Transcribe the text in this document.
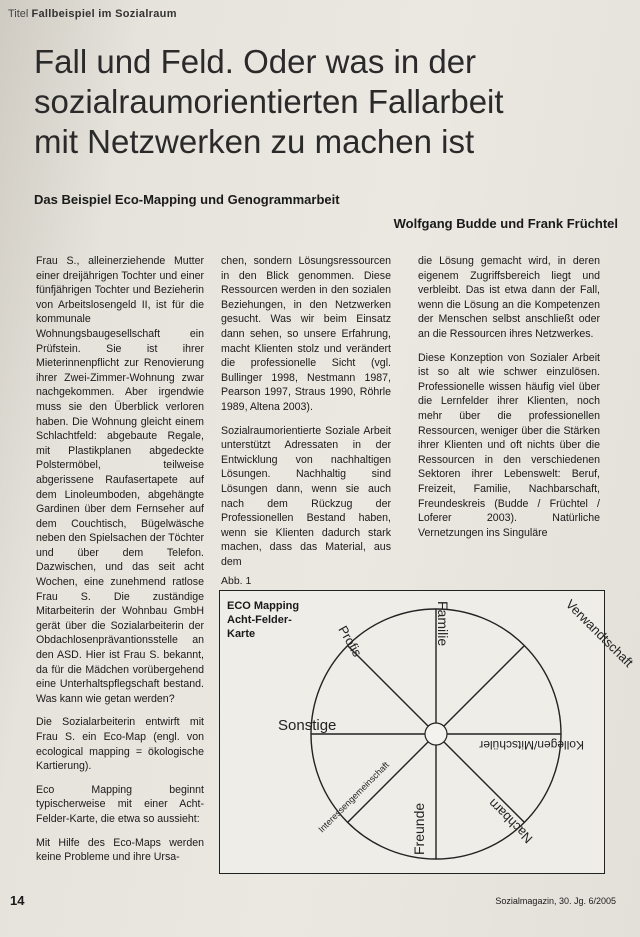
Titel Fallbeispiel im Sozialraum
Fall und Feld. Oder was in der
sozialraumorientierten Fallarbeit
mit Netzwerken zu machen ist
Das Beispiel Eco-Mapping und Genogrammarbeit
Wolfgang Budde und Frank Früchtel

Frau S., alleinerziehende Mutter einer dreijährigen Tochter und einer fünfjährigen Tochter und Bezieherin von Arbeitslosengeld II, ist für die kommunale Wohnungsbaugesellschaft ein Prüfstein. Sie ist ihrer Mieterinnenpflicht zur Renovierung ihrer Zwei-Zimmer-Wohnung zwar nachgekommen. Aber irgendwie muss sie den Überblick verloren haben. Die Wohnung gleicht einem Schlachtfeld: abgebaute Regale, mit Plastikplanen abgedeckte Polstermöbel, teilweise abgerissene Raufasertapete auf dem Linoleumboden, abgehängte Gardinen über dem Fernseher auf dem Couchtisch, Bügelwäsche neben den Spielsachen der Töchter und über dem Telefon. Dazwischen, und das seit acht Wochen, eine zunehmend ratlose Frau S. Die zuständige Mitarbeiterin der Wohnbau GmbH gerät über die Sozialarbeiterin der Obdachlosenprävantionsstelle an den ASD. Hier ist Frau S. bekannt, da für die Mädchen vorübergehend eine Unterhaltspflegschaft bestand. Was kann wie getan werden?

Die Sozialarbeiterin entwirft mit Frau S. ein Eco-Map (engl. von ecological mapping = ökologische Kartierung).

Eco Mapping beginnt typischerweise mit einer Acht-Felder-Karte, die etwa so aussieht:

Mit Hilfe des Eco-Maps werden keine Probleme und ihre Ursa-

chen, sondern Lösungsressourcen in den Blick genommen. Diese Ressourcen werden in den sozialen Beziehungen, in den Netzwerken gesucht. Was wir beim Einsatz dann sehen, so unsere Erfahrung, macht Klienten stolz und verändert die professionelle Sicht (vgl. Bullinger 1998, Nestmann 1987, Pearson 1997, Straus 1990, Röhrle 1989, Altena 2003).

Sozialraumorientierte Soziale Arbeit unterstützt Adressaten in der Entwicklung von nachhaltigen Lösungen. Nachhaltig sind Lösungen dann, wenn sie auch nach dem Rückzug der Professionellen Bestand haben, wenn sie Klienten dadurch stark machen, dass das Material, aus dem

die Lösung gemacht wird, in deren eigenem Zugriffsbereich liegt und verbleibt. Das ist etwa dann der Fall, wenn die Lösung an die Kompetenzen der Menschen selbst anschließt oder an die Ressourcen ihres Netzwerkes.

Diese Konzeption von Sozialer Arbeit ist so alt wie schwer einzulösen. Professionelle wissen häufig viel über die Lernfelder ihrer Klienten, noch mehr über die professionellen Ressourcen, weniger über die Stärken ihrer Klienten und oft nichts über die Ressourcen in den verschiedenen Sektoren ihrer Lebenswelt: Beruf, Freizeit, Familie, Nachbarschaft, Freundeskreis (Budde / Früchtel / Loferer 2003). Natürliche Vernetzungen ins Singuläre

Abb. 1
ECO Mapping
Acht-Felder-
Karte	Familie	Verwandtschaft
Kollegen/Mitschüler
Nachbarn
Freunde
Interessengemeinschaft
Sonstige
Profis
14	Sozialmagazin, 30. Jg. 6/2005
